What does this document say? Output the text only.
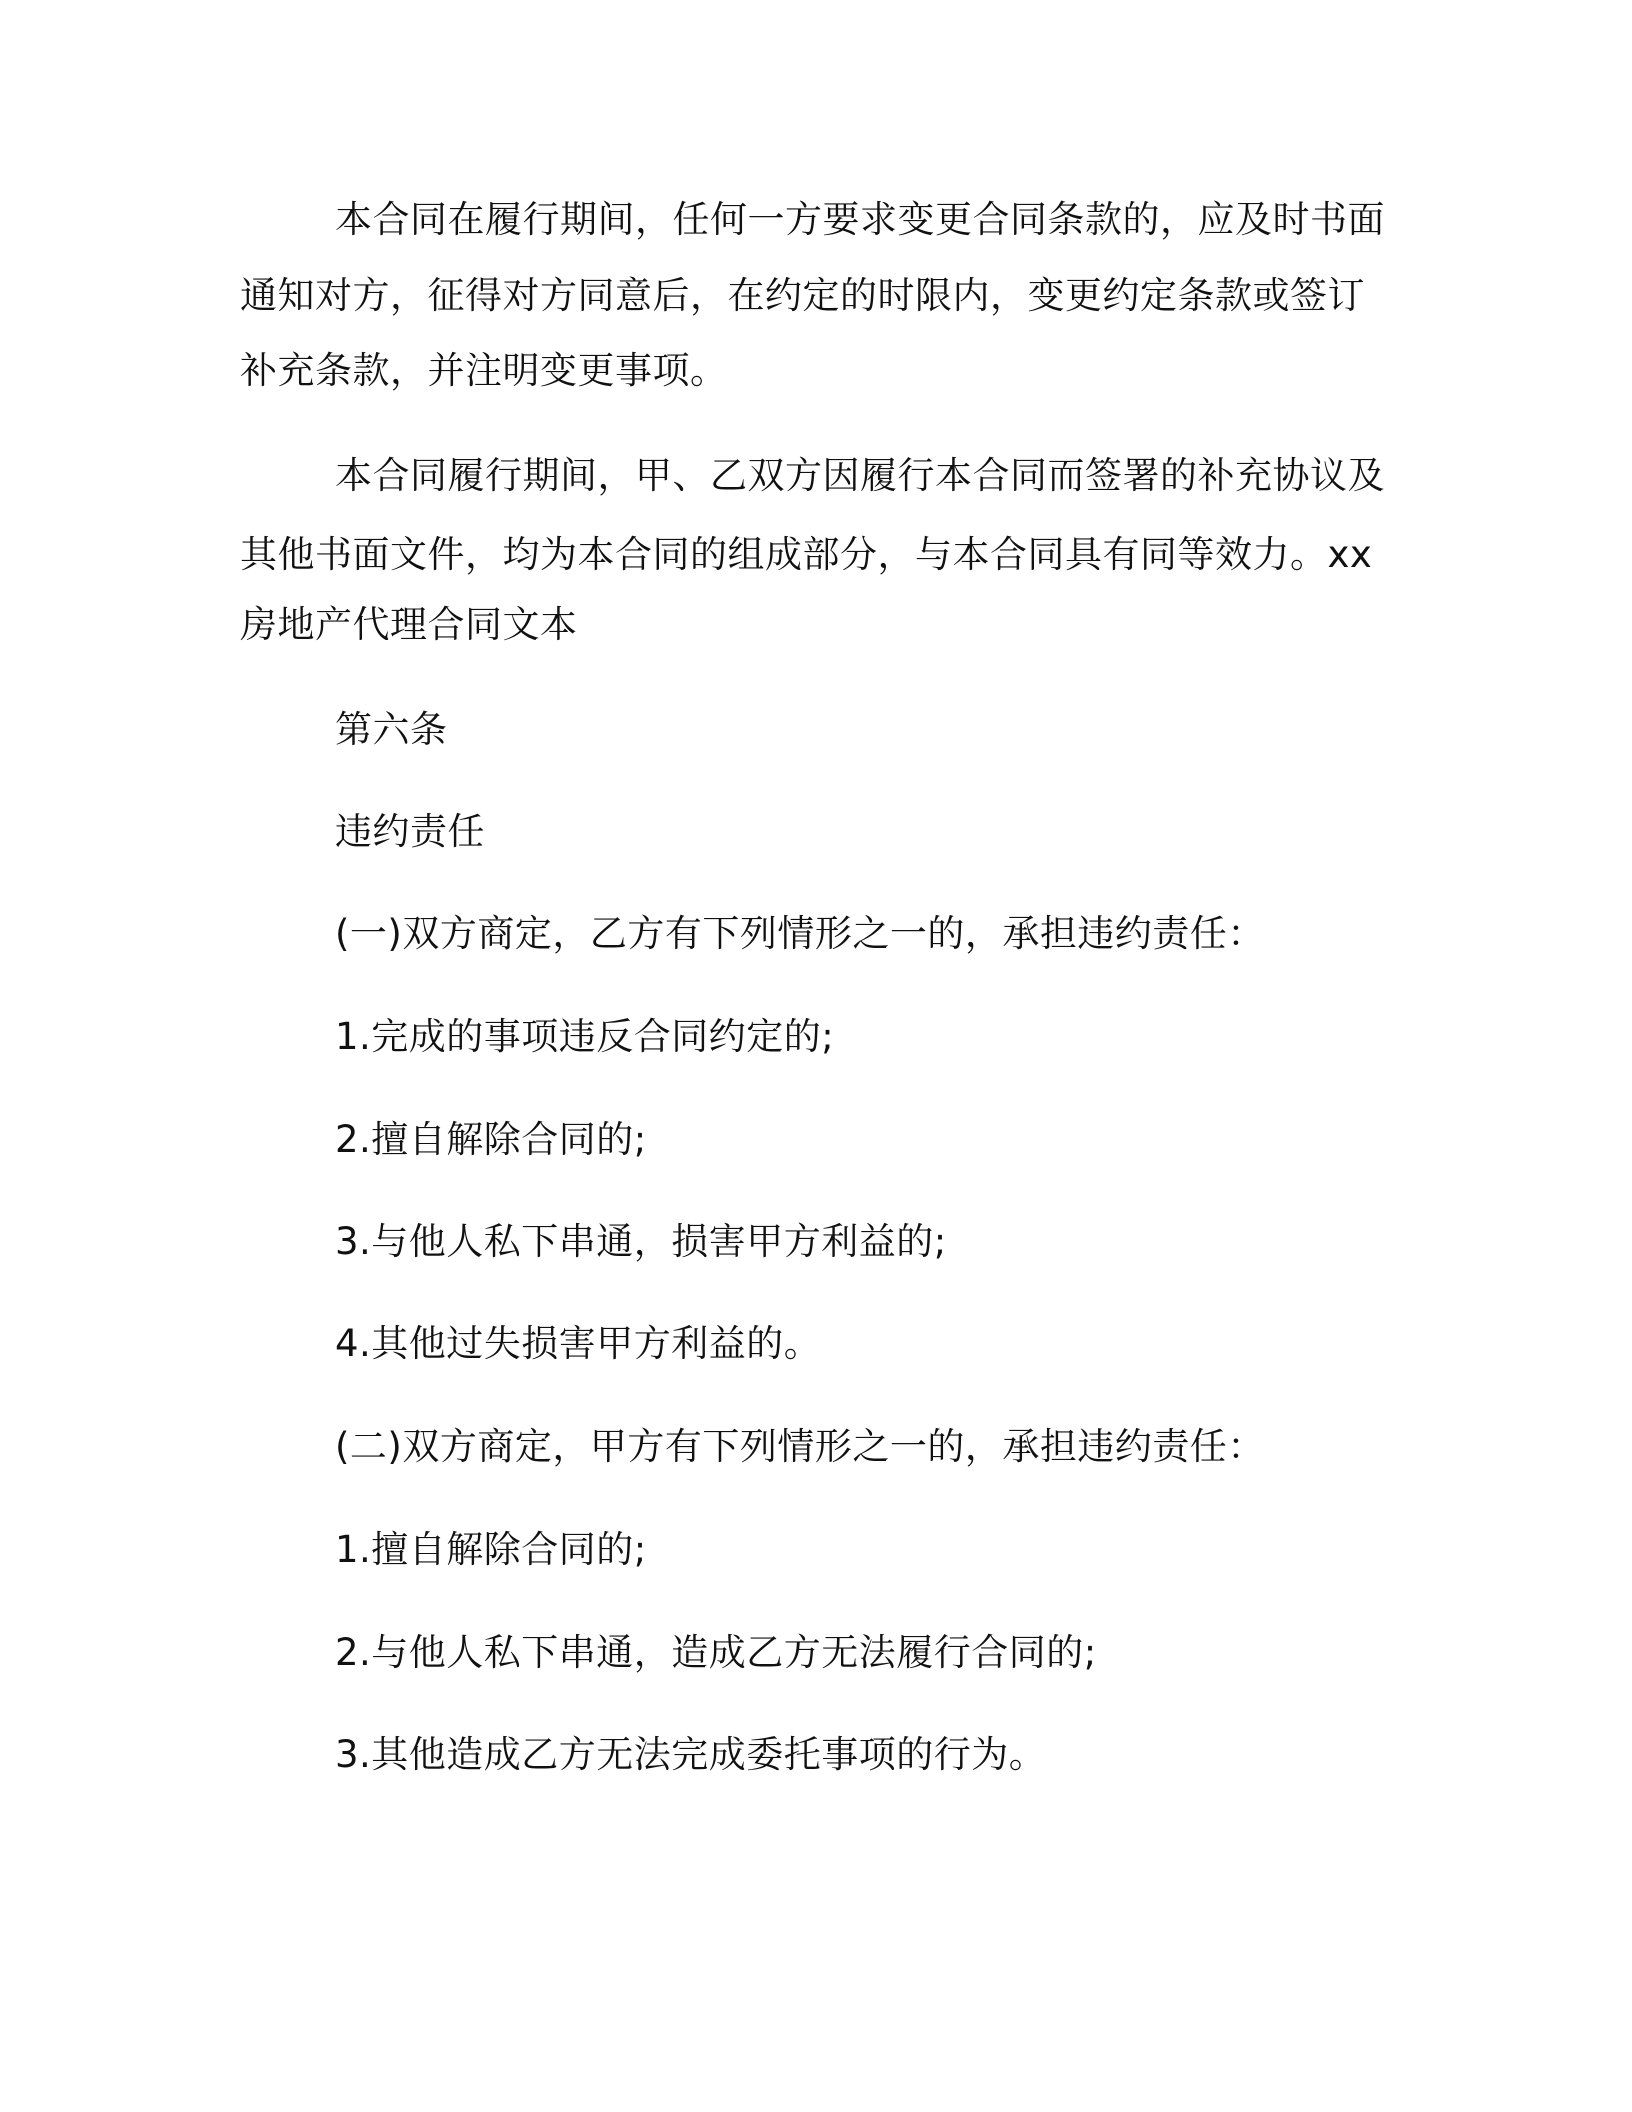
本合同在履行期间，任何一方要求变更合同条款的，应及时书面
通知对方，征得对方同意后，在约定的时限内，变更约定条款或签订
补充条款，并注明变更事项。
本合同履行期间，甲、乙双方因履行本合同而签署的补充协议及
其他书面文件，均为本合同的组成部分，与本合同具有同等效力。xx
房地产代理合同文本
第六条
违约责任
(一)双方商定，乙方有下列情形之一的，承担违约责任：
1.完成的事项违反合同约定的;
2.擅自解除合同的;
3.与他人私下串通，损害甲方利益的;
4.其他过失损害甲方利益的。
(二)双方商定，甲方有下列情形之一的，承担违约责任：
1.擅自解除合同的;
2.与他人私下串通，造成乙方无法履行合同的;
3.其他造成乙方无法完成委托事项的行为。
